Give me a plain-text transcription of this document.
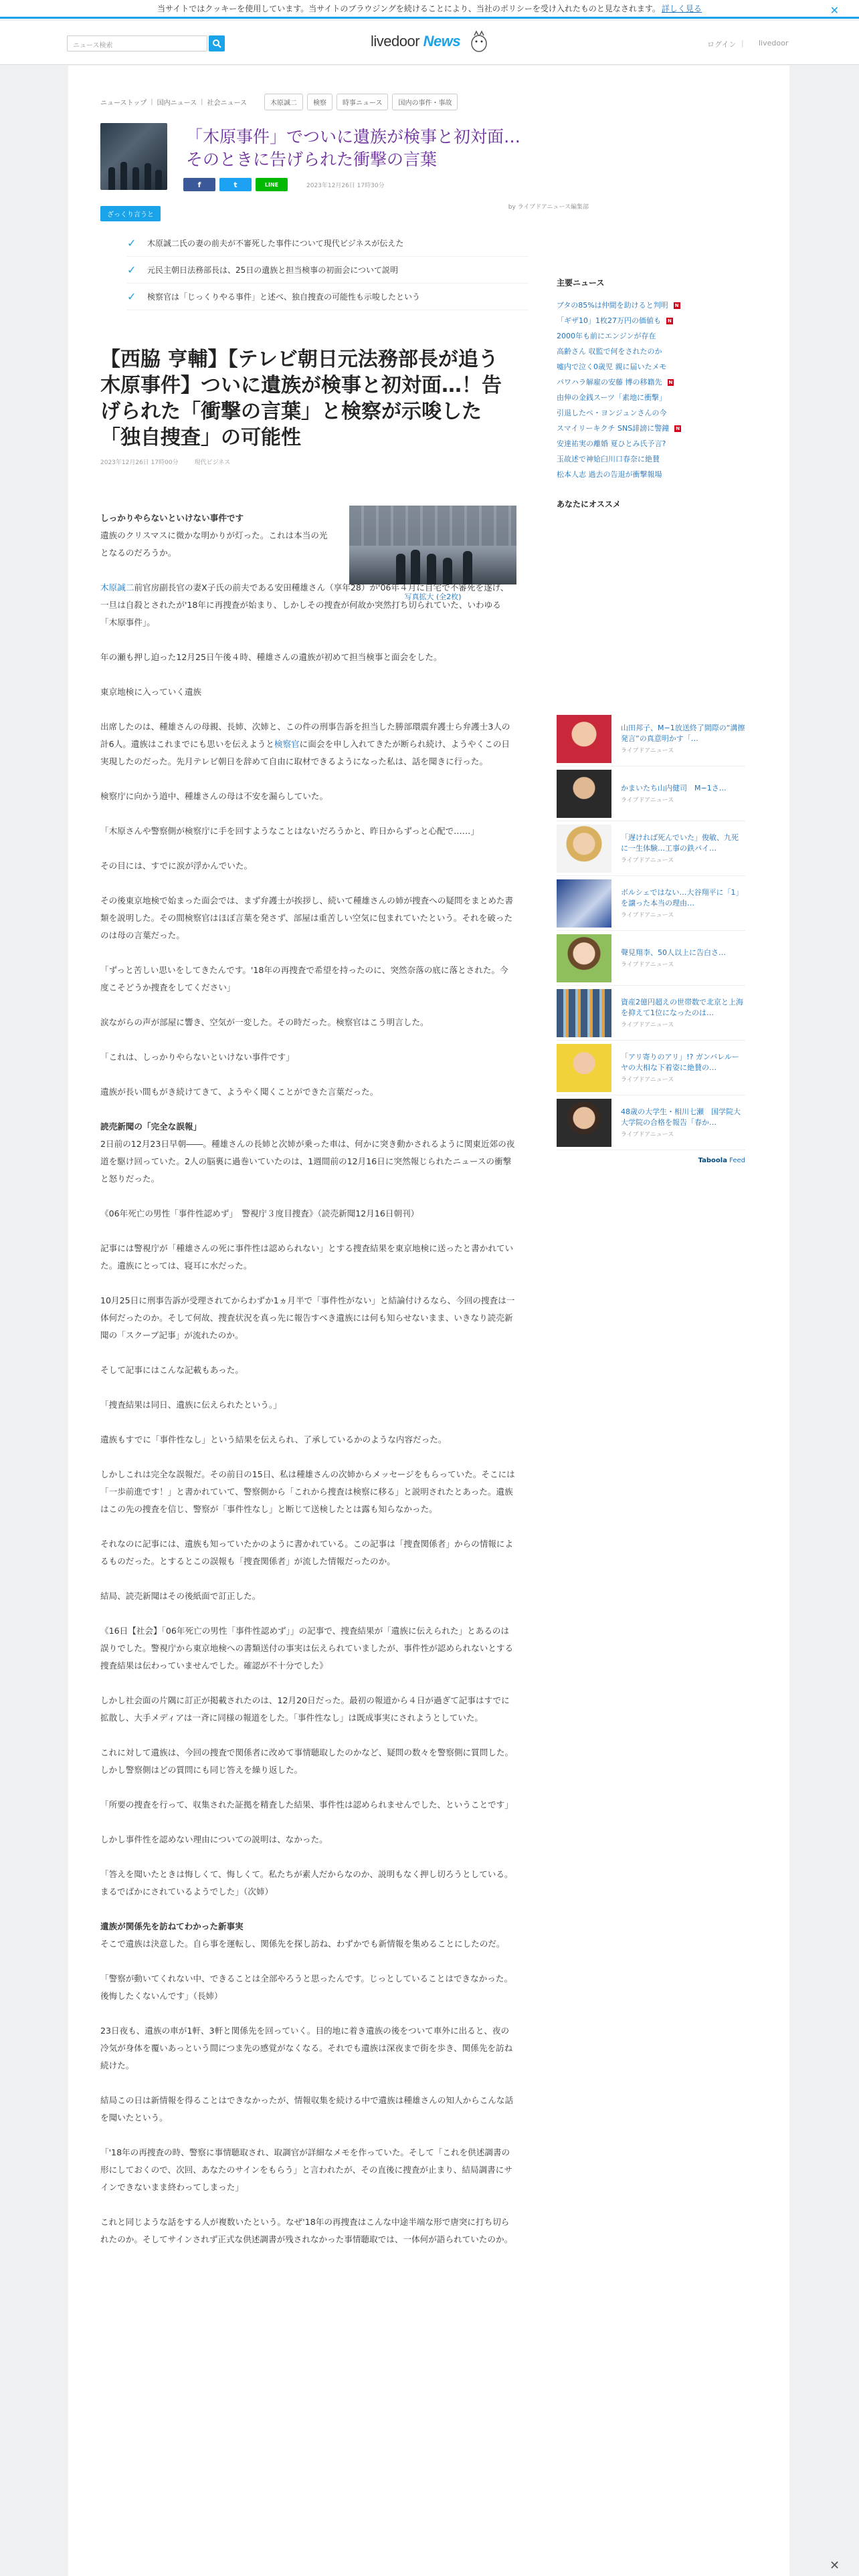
当サイトではクッキーを使用しています。当サイトのブラウジングを続けることにより、当社のポリシーを受け入れたものと見なされます。 詳しく見る	✕
ニュース検索	livedoor News	ログイン | livedoor
ニューストップ | 国内ニュース | 社会ニュース	木原誠二	検察	時事ニュース	国内の事件・事故
「木原事件」でついに遺族が検事と初対面…そのときに告げられた衝撃の言葉
f	t	LINE	2023年12月26日 17時30分
by ライブドアニュース編集部
ざっくり言うと
✓ 木原誠二氏の妻の前夫が不審死した事件について現代ビジネスが伝えた
✓ 元民主朝日法務部長は、25日の遺族と担当検事の初面会について説明
✓ 検察官は「じっくりやる事件」と述べ、独自捜査の可能性も示唆したという
【西脇 亨輔】【テレビ朝日元法務部長が追う木原事件】ついに遺族が検事と初対面…！告げられた「衝撃の言葉」と検察が示唆した「独自捜査」の可能性
2023年12月26日 17時00分	現代ビジネス
写真拡大 (全2枚)

しっかりやらないといけない事件です

遺族のクリスマスに微かな明かりが灯った。これは本当の光となるのだろうか。

木原誠二前官房副長官の妻X子氏の前夫である安田種雄さん（享年28）が'06年４月に自宅で不審死を遂げ、一旦は自殺とされたが'18年に再捜査が始まり、しかしその捜査が何故か突然打ち切られていた、いわゆる「木原事件」。

年の瀬も押し迫った12月25日午後４時、種雄さんの遺族が初めて担当検事と面会をした。

東京地検に入っていく遺族

出席したのは、種雄さんの母親、長姉、次姉と、この件の刑事告訴を担当した勝部環震弁護士ら弁護士3人の計6人。遺族はこれまでにも思いを伝えようと検察官に面会を申し入れてきたが断られ続け、ようやくこの日実現したのだった。先月テレビ朝日を辞めて自由に取材できるようになった私は、話を聞きに行った。

検察庁に向かう道中、種雄さんの母は不安を漏らしていた。

「木原さんや警察側が検察庁に手を回すようなことはないだろうかと、昨日からずっと心配で……」

その目には、すでに涙が浮かんでいた。

その後東京地検で始まった面会では、まず弁護士が挨拶し、続いて種雄さんの姉が捜査への疑問をまとめた書類を説明した。その間検察官はほぼ言葉を発さず、部屋は重苦しい空気に包まれていたという。それを破ったのは母の言葉だった。

「ずっと苦しい思いをしてきたんです。'18年の再捜査で希望を持ったのに、突然奈落の底に落とされた。今度こそどうか捜査をしてください」

涙ながらの声が部屋に響き、空気が一変した。その時だった。検察官はこう明言した。

「これは、しっかりやらないといけない事件です」

遺族が長い間もがき続けてきて、ようやく聞くことができた言葉だった。

読売新聞の「完全な誤報」

2日前の12月23日早朝――。種雄さんの長姉と次姉が乗った車は、何かに突き動かされるように関東近郊の夜道を駆け回っていた。2人の脳裏に過巻いていたのは、1週間前の12月16日に突然報じられたニュースの衝撃と怒りだった。

《06年死亡の男性「事件性認めず」　警視庁３度目捜査》（読売新聞12月16日朝刊）

記事には警視庁が「種雄さんの死に事件性は認められない」とする捜査結果を東京地検に送ったと書かれていた。遺族にとっては、寝耳に水だった。

10月25日に刑事告訴が受理されてからわずか1ヵ月半で「事件性がない」と結論付けるなら、今回の捜査は一体何だったのか。そして何故、捜査状況を真っ先に報告すべき遺族には何も知らせないまま、いきなり読売新聞の「スクープ記事」が流れたのか。

そして記事にはこんな記載もあった。

「捜査結果は同日、遺族に伝えられたという。」

遺族もすでに「事件性なし」という結果を伝えられ、了承しているかのような内容だった。

しかしこれは完全な誤報だ。その前日の15日、私は種雄さんの次姉からメッセージをもらっていた。そこには「一歩前進です！」と書かれていて、警察側から「これから捜査は検察に移る」と説明されたとあった。遺族はこの先の捜査を信じ、警察が「事件性なし」と断じて送検したとは露も知らなかった。

それなのに記事には、遺族も知っていたかのように書かれている。この記事は「捜査関係者」からの情報によるものだった。とするとこの誤報も「捜査関係者」が流した情報だったのか。

結局、読売新聞はその後紙面で訂正した。

《16日【社会】「06年死亡の男性「事件性認めず」」の記事で、捜査結果が「遺族に伝えられた」とあるのは誤りでした。警視庁から東京地検への書類送付の事実は伝えられていましたが、事件性が認められないとする捜査結果は伝わっていませんでした。確認が不十分でした》

しかし社会面の片隅に訂正が掲載されたのは、12月20日だった。最初の報道から４日が過ぎて記事はすでに拡散し、大手メディアは一斉に同様の報道をした。「事件性なし」は既成事実にされようとしていた。

これに対して遺族は、今回の捜査で関係者に改めて事情聴取したのかなど、疑問の数々を警察側に質問した。しかし警察側はどの質問にも同じ答えを繰り返した。

「所要の捜査を行って、収集された証拠を精査した結果、事件性は認められませんでした、ということです」

しかし事件性を認めない理由についての説明は、なかった。

「答えを聞いたときは悔しくて、悔しくて。私たちが素人だからなのか、説明もなく押し切ろうとしている。まるでばかにされているようでした」（次姉）

遺族が関係先を訪ねてわかった新事実

そこで遺族は決意した。自ら事を運転し、関係先を探し訪ね、わずかでも新情報を集めることにしたのだ。

「警察が動いてくれない中、できることは全部やろうと思ったんです。じっとしていることはできなかった。後悔したくないんです」（長姉）

23日夜も、遺族の車が1軒、3軒と関係先を回っていく。目的地に着き遺族の後をついて車外に出ると、夜の冷気が身体を覆いあっという間につま先の感覚がなくなる。それでも遺族は深夜まで街を歩き、関係先を訪ね続けた。

結局この日は新情報を得ることはできなかったが、情報収集を続ける中で遺族は種雄さんの知人からこんな話を聞いたという。

「'18年の再捜査の時、警察に事情聴取され、取調官が詳細なメモを作っていた。そして「これを供述調書の形にしておくので、次回、あなたのサインをもらう」と言われたが、その直後に捜査が止まり、結局調書にサインできないまま終わってしまった」

これと同じような話をする人が複数いたという。なぜ'18年の再捜査はこんな中途半端な形で唐突に打ち切られたのか。そしてサインされず正式な供述調書が残されなかった事情聴取では、一体何が語られていたのか。

主要ニュース
ブタの85%は仲間を助けると判明 N
「ギザ10」1枚27万円の価値も N
2000年も前にエンジンが存在
高齢さん 収監で何をされたのか
嘘内で泣く0歳児 親に届いたメモ
パワハラ解雇の安藤 博の移籍先 N
由伸の金銭スーツ「素地に衝撃」
引退したペ・ヨンジュンさんの今
スマイリーキクチ SNS誹謗に警鐘 N
安達祐実の離婚 夏ひとみ氏予言?
玉故述で神姶臼川口春奈に絶賛
松本人志 過去の告退が衝撃報場
あなたにオススメ
山田邦子、M−1放送終了間際の“溝擦発言”の真意明かす「…
ライブドアニュース
かまいたち山内健司　M−1さ…
ライブドアニュース
「遅ければ死んでいた」俊敏、九死に一生体験…工事の鉄パイ…
ライブドアニュース
ボルシェではない…大谷翔平に「1」を譲った本当の理由…
ライブドアニュース
聲見翔李、50人以上に告白さ…
ライブドアニュース
資産2億円超えの世帯数で北京と上海を抑えて1位になったのは…
ライブドアニュース
「アリ寄りのアリ」!? ガンバレルーヤの大相な下着姿に絶賛の…
ライブドアニュース
48歳の大学生・相川七瀬　国学院大大学院の合格を報告「春か…
ライブドアニュース
Taboola Feed
✕
